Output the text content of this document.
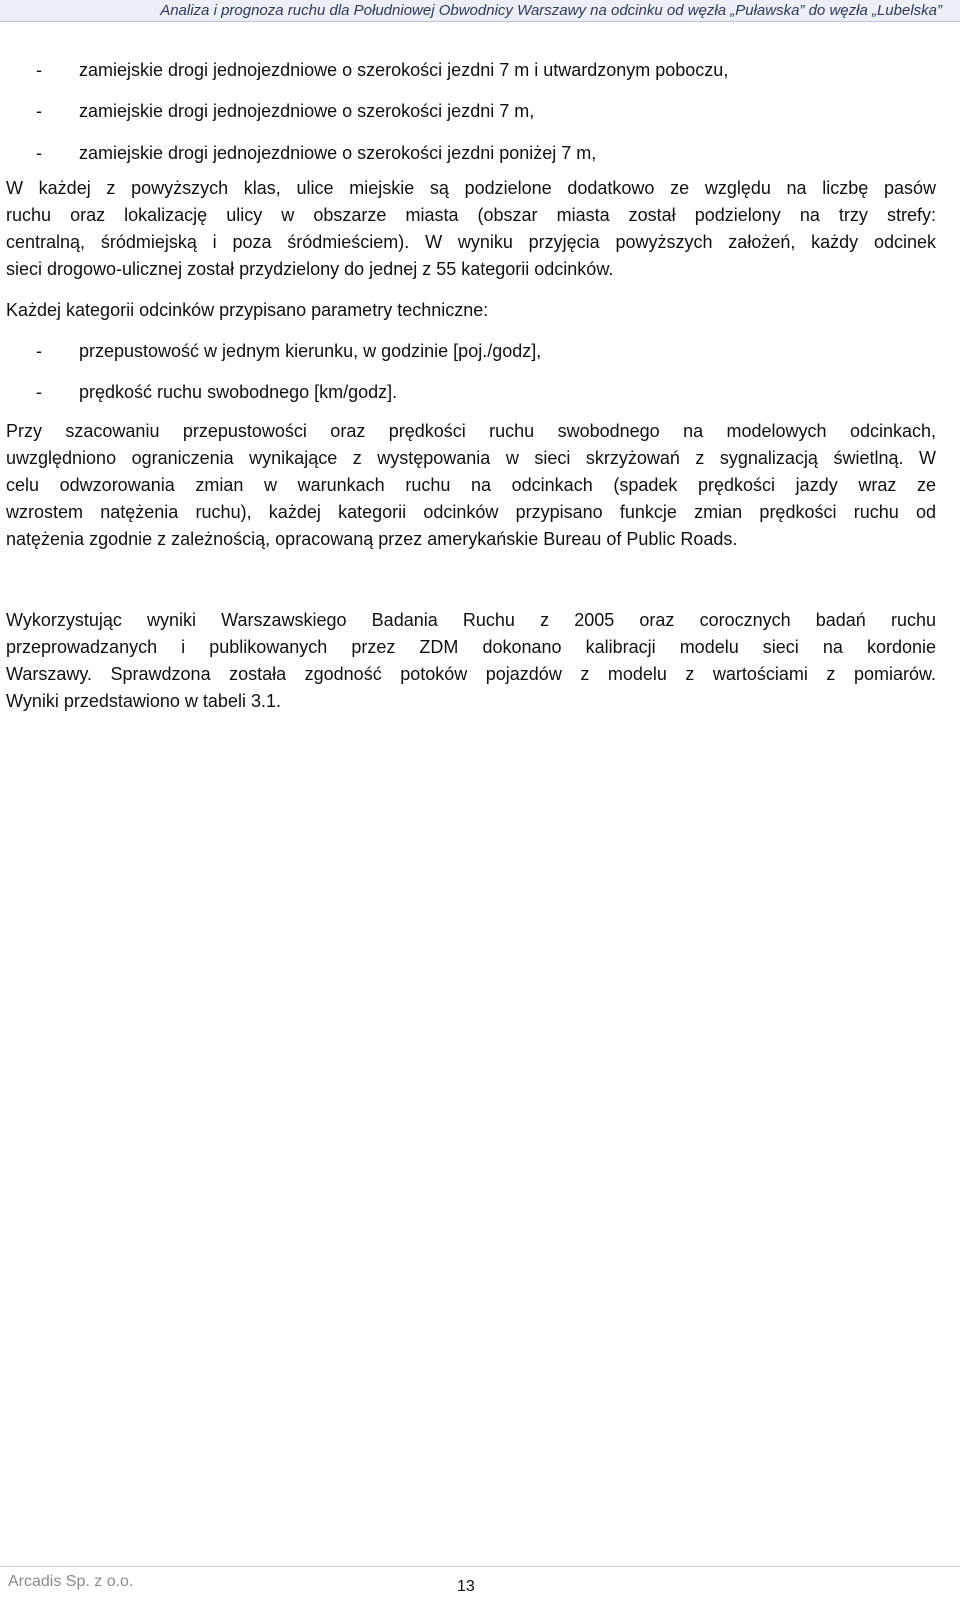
Analiza i prognoza ruchu dla Południowej Obwodnicy Warszawy na odcinku od węzła „Puławska” do węzła „Lubelska”
-	zamiejskie drogi jednojezdniowe o szerokości jezdni 7 m i utwardzonym poboczu,
-	zamiejskie drogi jednojezdniowe o szerokości jezdni 7 m,
-	zamiejskie drogi jednojezdniowe o szerokości jezdni poniżej 7 m,
W każdej z powyższych klas, ulice miejskie są podzielone dodatkowo ze względu na liczbę pasów
ruchu oraz lokalizację ulicy w obszarze miasta (obszar miasta został podzielony na trzy strefy:
centralną, śródmiejską i poza śródmieściem). W wyniku przyjęcia powyższych założeń, każdy odcinek
sieci drogowo-ulicznej został przydzielony do jednej z 55 kategorii odcinków.
Każdej kategorii odcinków przypisano parametry techniczne:
-	przepustowość w jednym kierunku, w godzinie [poj./godz],
-	prędkość ruchu swobodnego [km/godz].
Przy szacowaniu przepustowości oraz prędkości ruchu swobodnego na modelowych odcinkach,
uwzględniono ograniczenia wynikające z występowania w sieci skrzyżowań z sygnalizacją świetlną. W
celu odwzorowania zmian w warunkach ruchu na odcinkach (spadek prędkości jazdy wraz ze
wzrostem natężenia ruchu), każdej kategorii odcinków przypisano funkcje zmian prędkości ruchu od
natężenia zgodnie z zależnością, opracowaną przez amerykańskie Bureau of Public Roads.
Wykorzystując wyniki Warszawskiego Badania Ruchu z 2005 oraz corocznych badań ruchu
przeprowadzanych i publikowanych przez ZDM dokonano kalibracji modelu sieci na kordonie
Warszawy. Sprawdzona została zgodność potoków pojazdów z modelu z wartościami z pomiarów.
Wyniki przedstawiono w tabeli 3.1.
Arcadis Sp. z o.o.	13
